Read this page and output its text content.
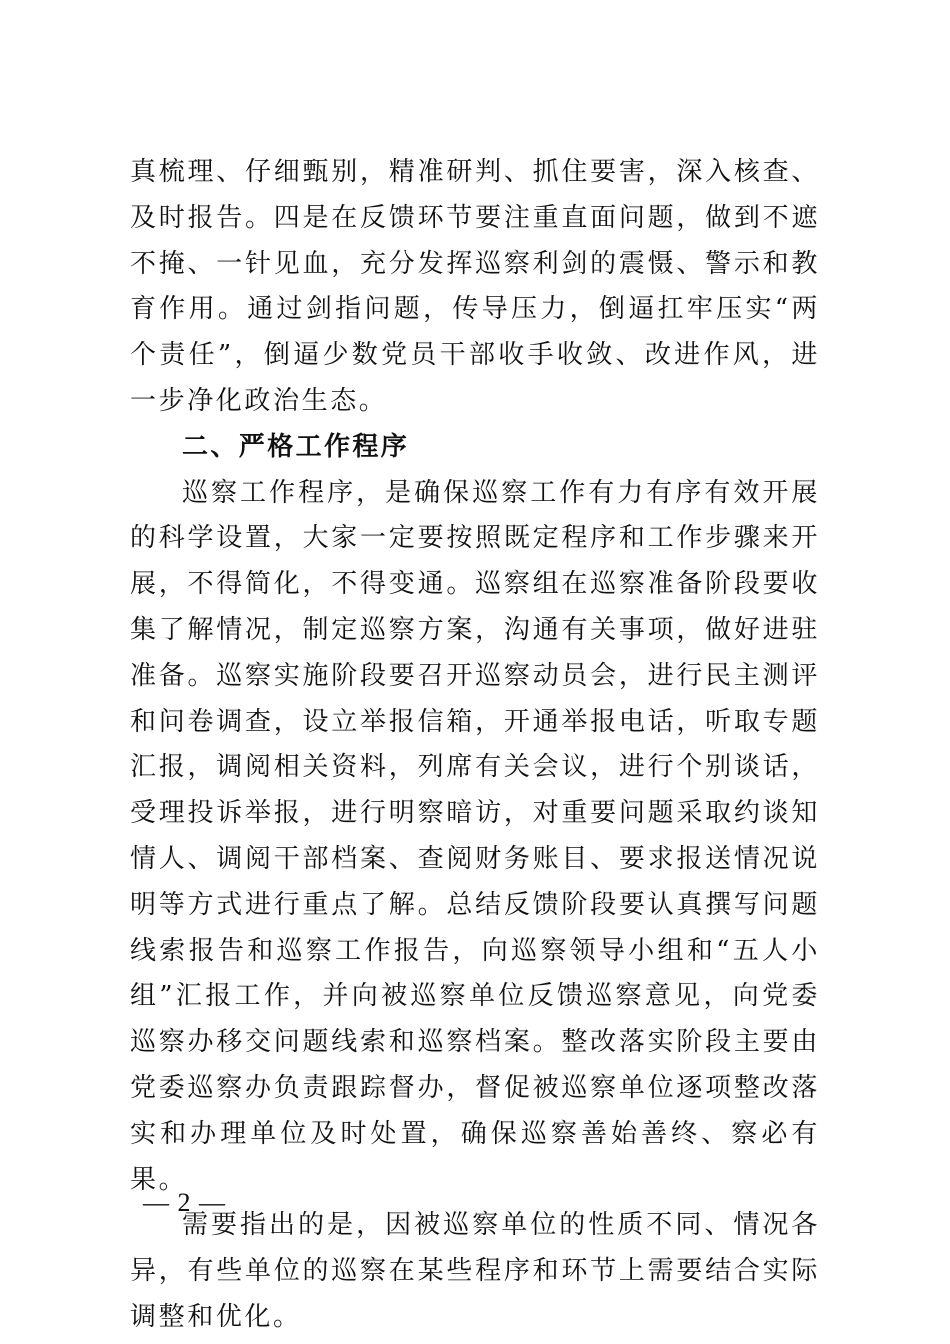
真梳理、仔细甄别，精准研判、抓住要害，深入核查、及时报告。四是在反馈环节要注重直面问题，做到不遮不掩、一针见血，充分发挥巡察利剑的震慑、警示和教育作用。通过剑指问题，传导压力，倒逼扛牢压实“两个责任”，倒逼少数党员干部收手收敛、改进作风，进一步净化政治生态。

二、严格工作程序

巡察工作程序，是确保巡察工作有力有序有效开展的科学设置，大家一定要按照既定程序和工作步骤来开展，不得简化，不得变通。巡察组在巡察准备阶段要收集了解情况，制定巡察方案，沟通有关事项，做好进驻准备。巡察实施阶段要召开巡察动员会，进行民主测评和问卷调查，设立举报信箱，开通举报电话，听取专题汇报，调阅相关资料，列席有关会议，进行个别谈话，受理投诉举报，进行明察暗访，对重要问题采取约谈知情人、调阅干部档案、查阅财务账目、要求报送情况说明等方式进行重点了解。总结反馈阶段要认真撰写问题线索报告和巡察工作报告，向巡察领导小组和“五人小组”汇报工作，并向被巡察单位反馈巡察意见，向党委巡察办移交问题线索和巡察档案。整改落实阶段主要由党委巡察办负责跟踪督办，督促被巡察单位逐项整改落实和办理单位及时处置，确保巡察善始善终、察必有果。

需要指出的是，因被巡察单位的性质不同、情况各异，有些单位的巡察在某些程序和环节上需要结合实际调整和优化。

— 2 —
